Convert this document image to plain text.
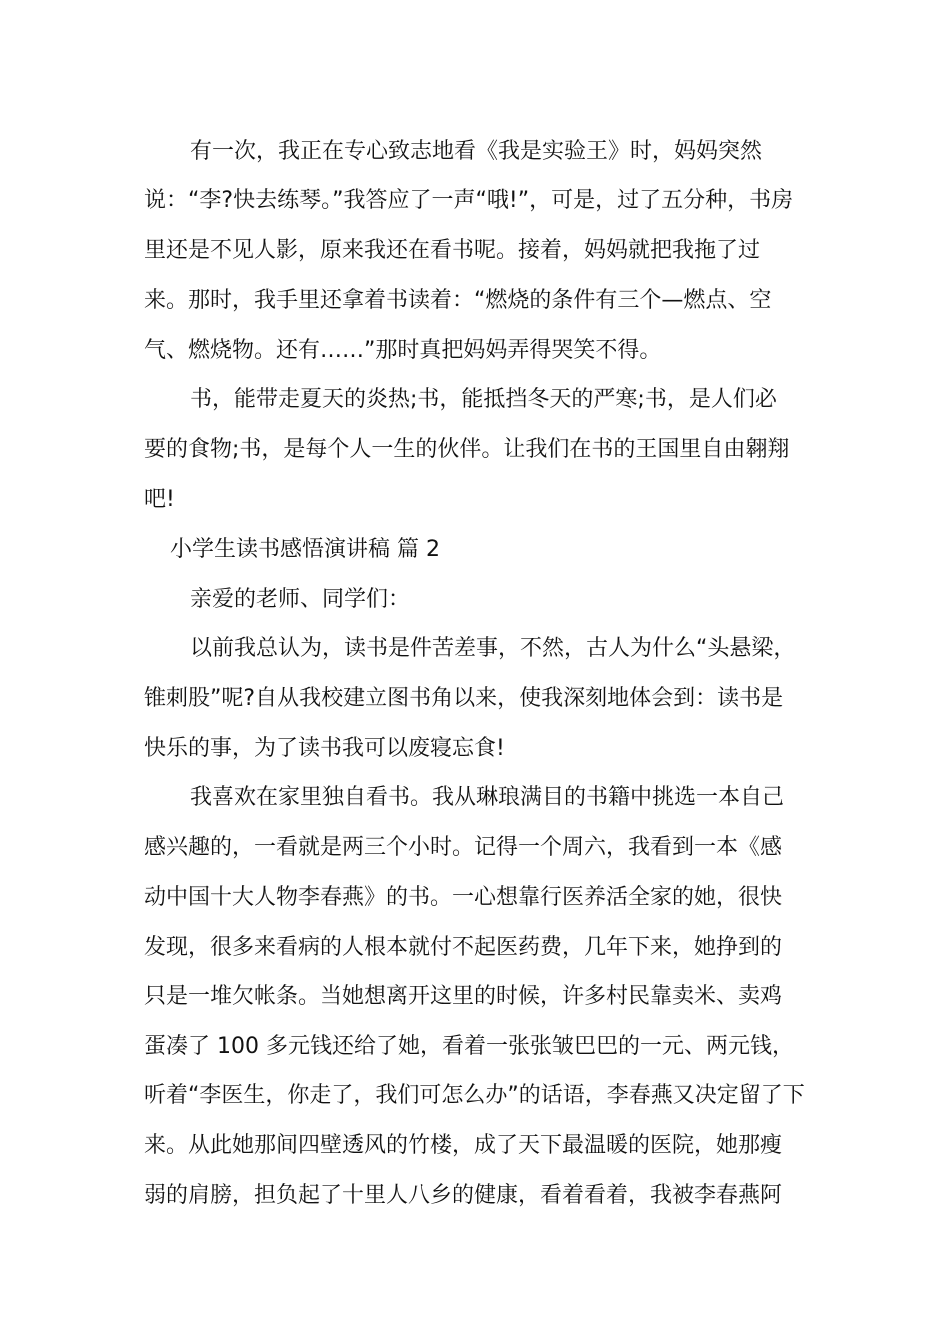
有一次，我正在专心致志地看《我是实验王》时，妈妈突然

说：“李?快去练琴。”我答应了一声“哦!”，可是，过了五分种，书房

里还是不见人影，原来我还在看书呢。接着，妈妈就把我拖了过

来。那时，我手里还拿着书读着：“燃烧的条件有三个—燃点、空

气、燃烧物。还有……”那时真把妈妈弄得哭笑不得。

书，能带走夏天的炎热;书，能抵挡冬天的严寒;书，是人们必

要的食物;书，是每个人一生的伙伴。让我们在书的王国里自由翱翔

吧!

小学生读书感悟演讲稿 篇 2

亲爱的老师、同学们：

以前我总认为，读书是件苦差事，不然，古人为什么“头悬梁，

锥刺股”呢?自从我校建立图书角以来，使我深刻地体会到：读书是

快乐的事，为了读书我可以废寝忘食!

我喜欢在家里独自看书。我从琳琅满目的书籍中挑选一本自己

感兴趣的，一看就是两三个小时。记得一个周六，我看到一本《感

动中国十大人物李春燕》的书。一心想靠行医养活全家的她，很快

发现，很多来看病的人根本就付不起医药费，几年下来，她挣到的

只是一堆欠帐条。当她想离开这里的时候，许多村民靠卖米、卖鸡

蛋凑了 100 多元钱还给了她，看着一张张皱巴巴的一元、两元钱，

听着“李医生，你走了，我们可怎么办”的话语，李春燕又决定留了下

来。从此她那间四壁透风的竹楼，成了天下最温暖的医院，她那瘦

弱的肩膀，担负起了十里人八乡的健康，看着看着，我被李春燕阿
